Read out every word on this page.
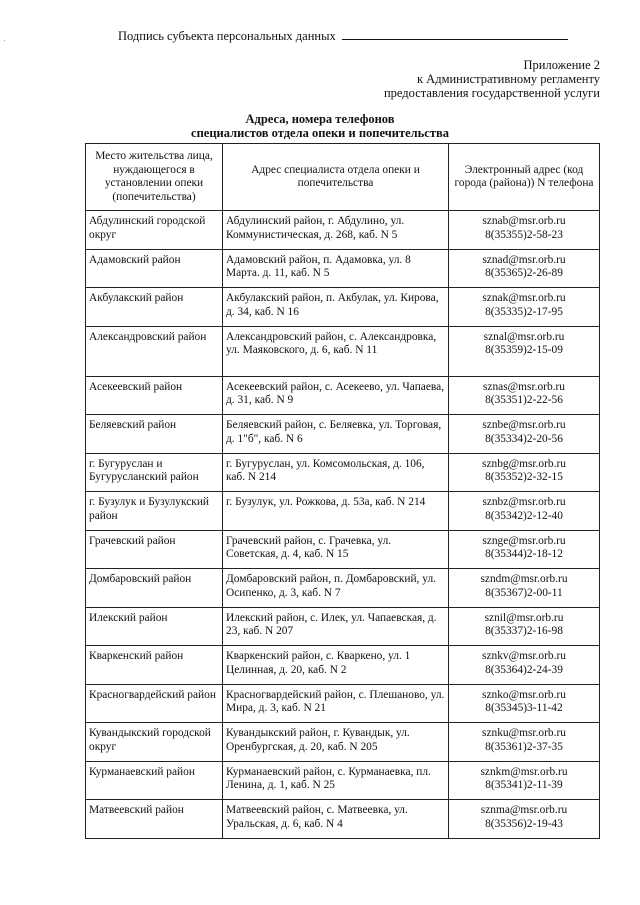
Подпись субъекта персональных данных
Приложение 2
к Административному регламенту
предоставления государственной услуги
Адреса, номера телефонов
специалистов отдела опеки и попечительства
Место жительства лица, нуждающегося в установлении опеки (попечительства)	Адрес специалиста отдела опеки и попечительства	Электронный адрес (код города (района)) N телефона
Абдулинский городской округ	Абдулинский район, г. Абдулино, ул. Коммунистическая, д. 268, каб. N 5	sznab@msr.orb.ru
8(35355)2-58-23

Адамовский район	Адамовский район, п. Адамовка, ул. 8 Марта. д. 11, каб. N 5	sznad@msr.orb.ru
8(35365)2-26-89

Акбулакский район	Акбулакский район, п. Акбулак, ул. Кирова, д. 34, каб. N 16	sznak@msr.orb.ru
8(35335)2-17-95

Александровский район	Александровский район, с. Александровка, ул. Маяковского, д. 6, каб. N 11	sznal@msr.orb.ru
8(35359)2-15-09

Асекеевский район	Асекеевский район, с. Асекеево, ул. Чапаева, д. 31, каб. N 9	sznas@msr.orb.ru
8(35351)2-22-56

Беляевский район	Беляевский район, с. Беляевка, ул. Торговая, д. 1"б", каб. N 6	sznbe@msr.orb.ru
8(35334)2-20-56

г. Бугуруслан и Бугурусланский район	г. Бугуруслан, ул. Комсомольская, д. 106, каб. N 214	sznbg@msr.orb.ru
8(35352)2-32-15

г. Бузулук и Бузулукский район	г. Бузулук, ул. Рожкова, д. 53а, каб. N 214	sznbz@msr.orb.ru
8(35342)2-12-40

Грачевский район	Грачевский район, с. Грачевка, ул. Советская, д. 4, каб. N 15	sznge@msr.orb.ru
8(35344)2-18-12

Домбаровский район	Домбаровский район, п. Домбаровский, ул. Осипенко, д. 3, каб. N 7	szndm@msr.orb.ru
8(35367)2-00-11

Илекский район	Илекский район, с. Илек, ул. Чапаевская, д. 23, каб. N 207	sznil@msr.orb.ru
8(35337)2-16-98

Кваркенский район	Кваркенский район, с. Кваркено, ул. 1 Целинная, д. 20, каб. N 2	sznkv@msr.orb.ru
8(35364)2-24-39

Красногвардейский район	Красногвардейский район, с. Плешаново, ул. Мира, д. 3, каб. N 21	sznko@msr.orb.ru
8(35345)3-11-42

Кувандыкский городской округ	Кувандыкский район, г. Кувандык, ул. Оренбургская, д. 20, каб. N 205	sznku@msr.orb.ru
8(35361)2-37-35

Курманаевский район	Курманаевский район, с. Курманаевка, пл. Ленина, д. 1, каб. N 25	sznkm@msr.orb.ru
8(35341)2-11-39

Матвеевский район	Матвеевский район, с. Матвеевка, ул. Уральская, д. 6, каб. N 4	sznma@msr.orb.ru
8(35356)2-19-43
